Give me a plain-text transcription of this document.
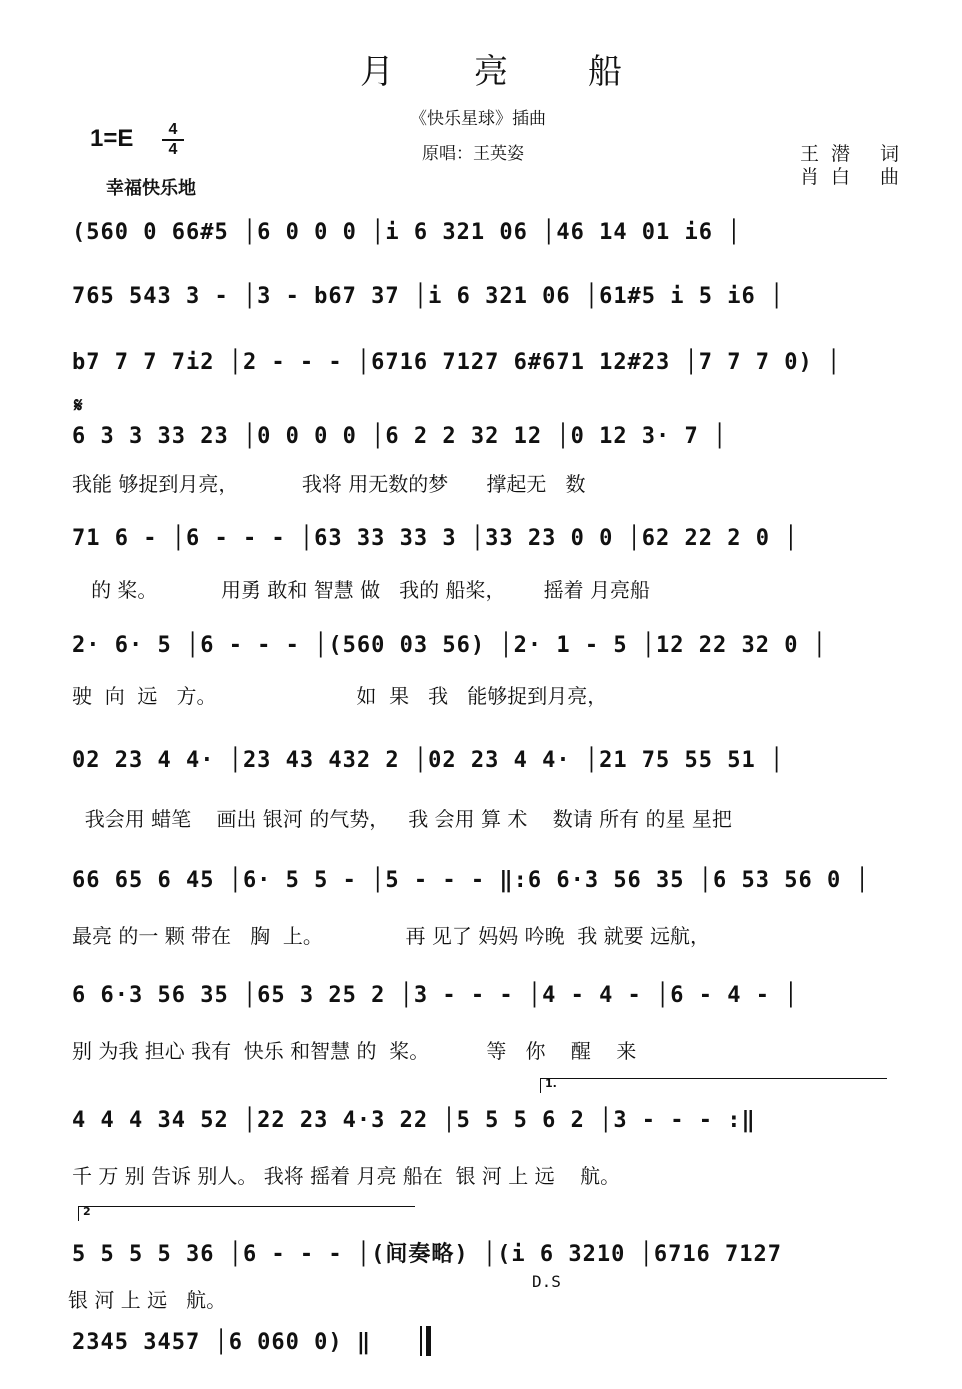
月亮船
《快乐星球》插曲
原唱：王英姿	王潜 词
肖白 曲
1=E	4
4
幸福快乐地
(560 0 66#5 │6 0 0 0 │i 6 321 06 │46 14 01 i6 │
765 543 3 - │3 - b67 37 │i 6 321 06 │61#5 i 5 i6 │
b7 7 7 7i2 │2 - - - │6716 7127 6#671 12#23 │7 7 7 0) │
𝄋
6 3 3 33 23 │0 0 0 0 │6 2 2 32 12 │0 12 3· 7 │
我能 够捉到月亮，          我将 用无数的梦      撑起无   数
71 6 - │6 - - - │63 33 33 3 │33 23 0 0 │62 22 2 0 │
的 桨。          用勇 敢和 智慧 做   我的 船桨，      摇着 月亮船
2· 6· 5 │6 - - - │(560 03 56) │2· 1 - 5 │12 22 32 0 │
驶  向  远   方。                      如  果   我   能够捉到月亮，
02 23 4 4· │23 43 432 2 │02 23 4 4· │21 75 55 51 │
我会用 蜡笔    画出 银河 的气势，   我 会用 算 术    数请 所有 的星 星把
66 65 6 45 │6· 5 5 - │5 - - - ‖:6 6·3 56 35 │6 53 56 0 │
最亮 的一 颗 带在   胸  上。             再 见了 妈妈 吟晚  我 就要 远航，
6 6·3 56 35 │65 3 25 2 │3 - - - │4 - 4 - │6 - 4 - │
别 为我 担心 我有  快乐 和智慧 的  桨。         等   你    醒    来
1.
4 4 4 34 52 │22 23 4·3 22 │5 5 5 6 2 │3 - - - :‖
千 万 别 告诉 别人。 我将 摇着 月亮 船在  银 河 上 远    航。
2
5 5 5 5 36 │6 - - - │(间奏略) │(i 6 3210 │6716 7127
银 河 上 远   航。
D.S
2345 3457 │6 060 0) ‖
